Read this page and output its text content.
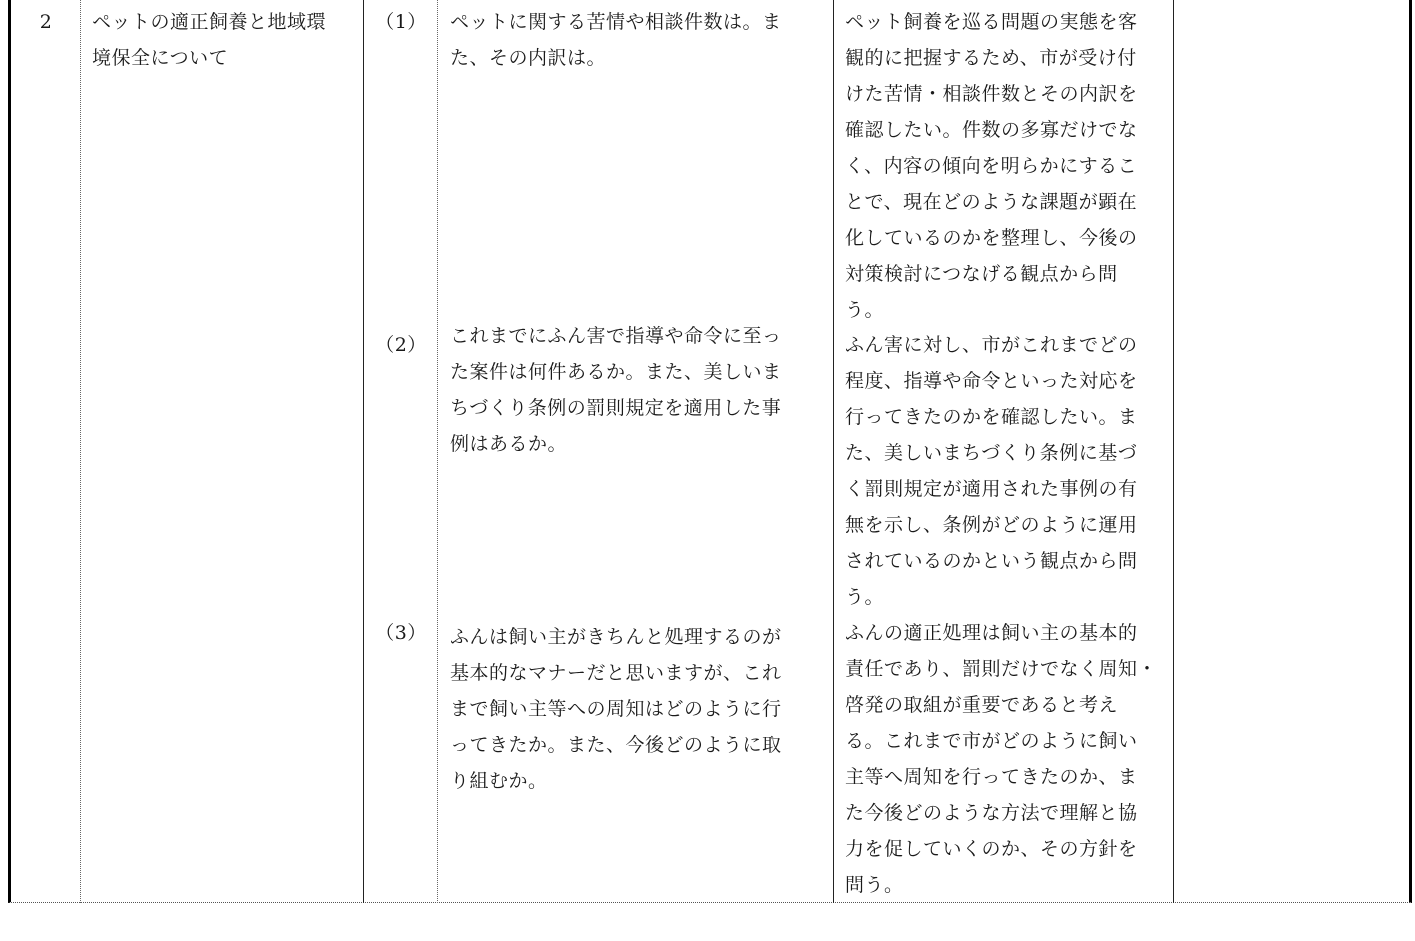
2	ペットの適正飼養と地域環
境保全について
（1）
（2）
（3）
ペットに関する苦情や相談件数は。ま
た、その内訳は。
これまでにふん害で指導や命令に至っ
た案件は何件あるか。また、美しいま
ちづくり条例の罰則規定を適用した事
例はあるか。
ふんは飼い主がきちんと処理するのが
基本的なマナーだと思いますが、これ
まで飼い主等への周知はどのように行
ってきたか。また、今後どのように取
り組むか。
ペット飼養を巡る問題の実態を客
観的に把握するため、市が受け付
けた苦情・相談件数とその内訳を
確認したい。件数の多寡だけでな
く、内容の傾向を明らかにするこ
とで、現在どのような課題が顕在
化しているのかを整理し、今後の
対策検討につなげる観点から問
う。
ふん害に対し、市がこれまでどの
程度、指導や命令といった対応を
行ってきたのかを確認したい。ま
た、美しいまちづくり条例に基づ
く罰則規定が適用された事例の有
無を示し、条例がどのように運用
されているのかという観点から問
う。
ふんの適正処理は飼い主の基本的
責任であり、罰則だけでなく周知・
啓発の取組が重要であると考え
る。これまで市がどのように飼い
主等へ周知を行ってきたのか、ま
た今後どのような方法で理解と協
力を促していくのか、その方針を
問う。
